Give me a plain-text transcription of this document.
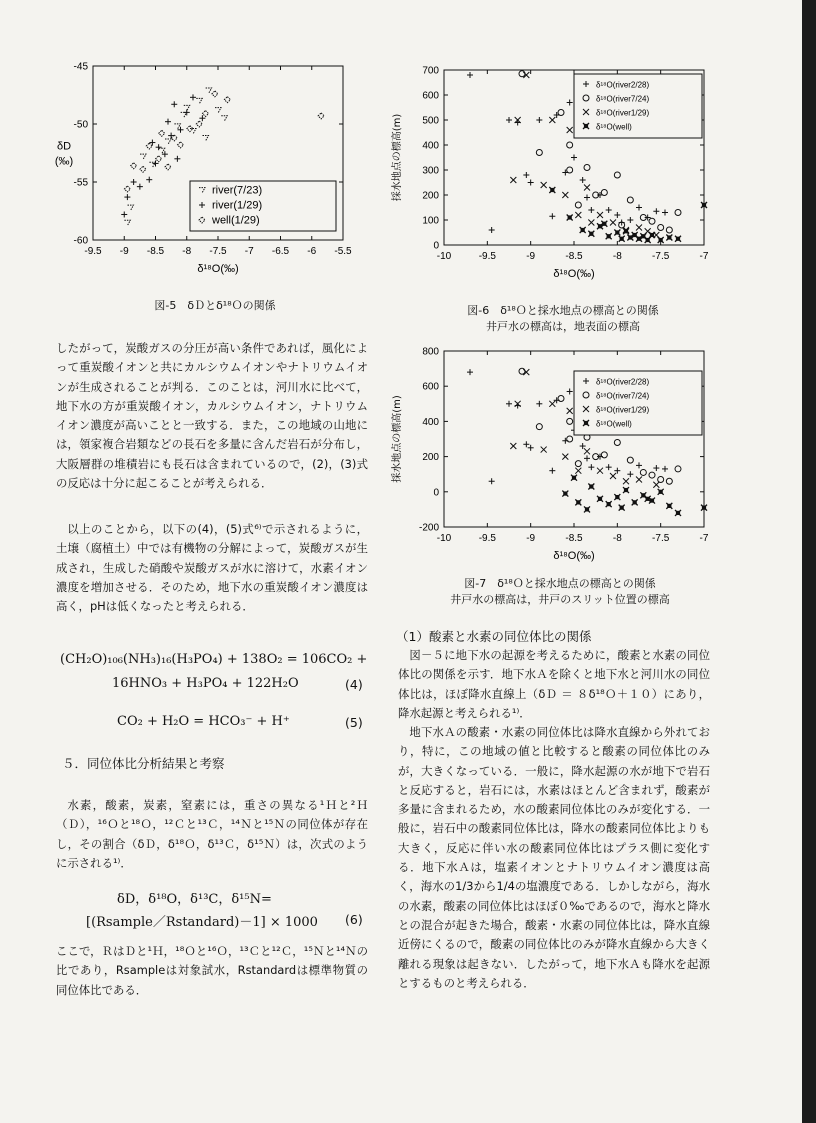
-9.5 -9 -8.5 -8 -7.5 -7 -6.5 -6 -5.5
-45
-50
-55
-60
δ¹⁸O(‰)
δD
(‰)
river(7/23)
river(1/29)
well(1/29)
図-5　δＤとδ¹⁸Ｏの関係
-10	-9.5	-9	-8.5	-8	-7.5	-7
700
600
500
400
300
200
100
0
δ¹⁸O(‰)
採水地点の標高(m)
δ¹⁸O(river2/28)
δ¹⁸O(river7/24)
δ¹⁸O(river1/29)
δ¹⁸O(well)
図-6　δ¹⁸Ｏと採水地点の標高との関係
井戸水の標高は，地表面の標高
-10	-9.5	-9	-8.5	-8	-7.5	-7
800
600
400
200
0
-200
δ¹⁸O(‰)
採水地点の標高(m)
δ¹⁸O(river2/28)
δ¹⁸O(river7/24)
δ¹⁸O(river1/29)
δ¹⁸O(well)
図-7　δ¹⁸Ｏと採水地点の標高との関係
井戸水の標高は，井戸のスリット位置の標高

したがって，炭酸ガスの分圧が高い条件であれば，風化によって重炭酸イオンと共にカルシウムイオンやナトリウムイオンが生成されることが判る．このことは，河川水に比べて，地下水の方が重炭酸イオン，カルシウムイオン，ナトリウムイオン濃度が高いことと一致する．また，この地域の山地には，領家複合岩類などの長石を多量に含んだ岩石が分布し，大阪層群の堆積岩にも長石は含まれているので，(2)，(3)式の反応は十分に起こることが考えられる．

以上のことから，以下の(4)，(5)式⁶⁾で示されるように，土壌（腐植土）中では有機物の分解によって，炭酸ガスが生成され，生成した硝酸や炭酸ガスが水に溶けて，水素イオン濃度を増加させる．そのため，地下水の重炭酸イオン濃度は高く，pHは低くなったと考えられる．

(CH₂O)₁₀₆(NH₃)₁₆(H₃PO₄) + 138O₂ = 106CO₂ +
16HNO₃ + H₃PO₄ + 122H₂O	(4)
CO₂ + H₂O = HCO₃⁻ + H⁺	(5)
５．同位体比分析結果と考察

水素，酸素，炭素，窒素には，重さの異なる¹Ｈと²Ｈ（Ｄ），¹⁶Ｏと¹⁸Ｏ，¹²Ｃと¹³Ｃ，¹⁴Ｎと¹⁵Ｎの同位体が存在し，その割合（δＤ，δ¹⁸Ｏ，δ¹³Ｃ，δ¹⁵Ｎ）は，次式のように示される¹⁾．

δD，δ¹⁸O，δ¹³C，δ¹⁵N=
[(Rsample／Rstandard)－1] × 1000 (6)

ここで，ＲはＤと¹Ｈ，¹⁸Ｏと¹⁶Ｏ，¹³Ｃと¹²Ｃ，¹⁵Ｎと¹⁴Ｎの比であり，Rsampleは対象試水，Rstandardは標準物質の同位体比である．

（1）酸素と水素の同位体比の関係

図－５に地下水の起源を考えるために，酸素と水素の同位体比の関係を示す．地下水Ａを除くと地下水と河川水の同位体比は，ほぼ降水直線上（δＤ ＝ ８δ¹⁸Ｏ＋１０）にあり，降水起源と考えられる¹⁾．

地下水Ａの酸素・水素の同位体比は降水直線から外れており，特に，この地域の値と比較すると酸素の同位体比のみが，大きくなっている．一般に，降水起源の水が地下で岩石と反応すると，岩石には，水素はほとんど含まれず，酸素が多量に含まれるため，水の酸素同位体比のみが変化する．一般に，岩石中の酸素同位体比は，降水の酸素同位体比よりも大きく，反応に伴い水の酸素同位体比はプラス側に変化する．地下水Ａは，塩素イオンとナトリウムイオン濃度は高く，海水の1/3から1/4の塩濃度である．しかしながら，海水の水素，酸素の同位体比はほぼ０‰であるので，海水と降水との混合が起きた場合，酸素・水素の同位体比は，降水直線近傍にくるので，酸素の同位体比のみが降水直線から大きく離れる現象は起きない．したがって，地下水Ａも降水を起源とするものと考えられる．
